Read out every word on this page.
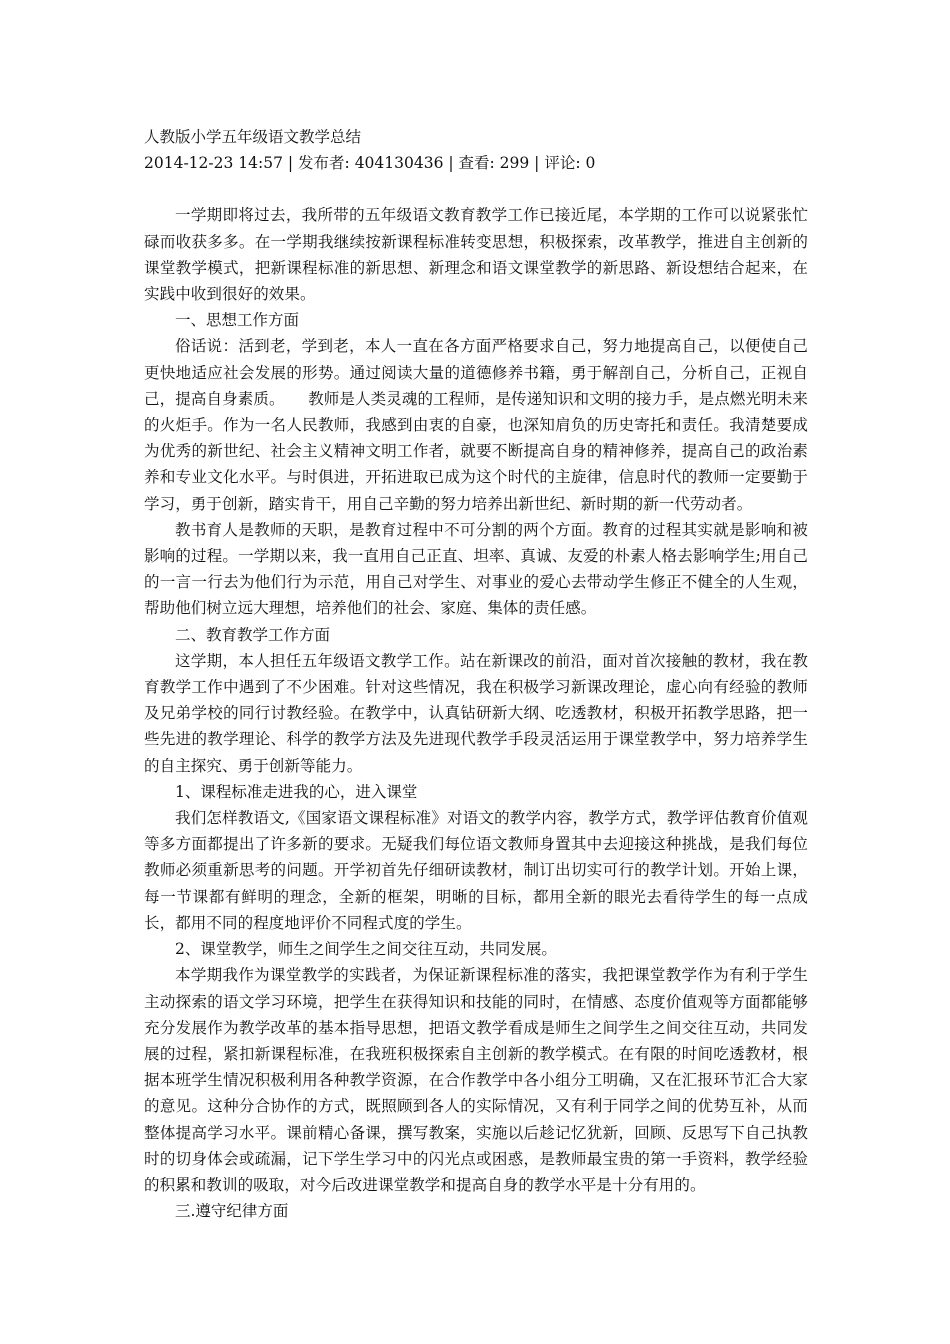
人教版小学五年级语文教学总结

2014-12-23 14:57 | 发布者: 404130436 | 查看: 299 | 评论: 0

一学期即将过去，我所带的五年级语文教育教学工作已接近尾，本学期的工作可以说紧张忙碌而收获多多。在一学期我继续按新课程标准转变思想，积极探索，改革教学，推进自主创新的课堂教学模式，把新课程标准的新思想、新理念和语文课堂教学的新思路、新设想结合起来，在实践中收到很好的效果。

一、思想工作方面

俗话说：活到老，学到老，本人一直在各方面严格要求自己，努力地提高自己，以便使自己更快地适应社会发展的形势。通过阅读大量的道德修养书籍，勇于解剖自己，分析自己，正视自己，提高自身素质。　　教师是人类灵魂的工程师，是传递知识和文明的接力手，是点燃光明未来的火炬手。作为一名人民教师，我感到由衷的自豪，也深知肩负的历史寄托和责任。我清楚要成为优秀的新世纪、社会主义精神文明工作者，就要不断提高自身的精神修养，提高自己的政治素养和专业文化水平。与时俱进，开拓进取已成为这个时代的主旋律，信息时代的教师一定要勤于学习，勇于创新，踏实肯干，用自己辛勤的努力培养出新世纪、新时期的新一代劳动者。

教书育人是教师的天职，是教育过程中不可分割的两个方面。教育的过程其实就是影响和被影响的过程。一学期以来，我一直用自己正直、坦率、真诚、友爱的朴素人格去影响学生;用自己的一言一行去为他们行为示范，用自己对学生、对事业的爱心去带动学生修正不健全的人生观，帮助他们树立远大理想，培养他们的社会、家庭、集体的责任感。

二、教育教学工作方面

这学期，本人担任五年级语文教学工作。站在新课改的前沿，面对首次接触的教材，我在教育教学工作中遇到了不少困难。针对这些情况，我在积极学习新课改理论，虚心向有经验的教师及兄弟学校的同行讨教经验。在教学中，认真钻研新大纲、吃透教材，积极开拓教学思路，把一些先进的教学理论、科学的教学方法及先进现代教学手段灵活运用于课堂教学中，努力培养学生的自主探究、勇于创新等能力。

1、课程标准走进我的心，进入课堂

我们怎样教语文,《国家语文课程标准》对语文的教学内容，教学方式，教学评估教育价值观等多方面都提出了许多新的要求。无疑我们每位语文教师身置其中去迎接这种挑战，是我们每位教师必须重新思考的问题。开学初首先仔细研读教材，制订出切实可行的教学计划。开始上课，每一节课都有鲜明的理念，全新的框架，明晰的目标，都用全新的眼光去看待学生的每一点成长，都用不同的程度地评价不同程式度的学生。

2、课堂教学，师生之间学生之间交往互动，共同发展。

本学期我作为课堂教学的实践者，为保证新课程标准的落实，我把课堂教学作为有利于学生主动探索的语文学习环境，把学生在获得知识和技能的同时，在情感、态度价值观等方面都能够充分发展作为教学改革的基本指导思想，把语文教学看成是师生之间学生之间交往互动，共同发展的过程，紧扣新课程标准，在我班积极探索自主创新的教学模式。在有限的时间吃透教材，根据本班学生情况积极利用各种教学资源，在合作教学中各小组分工明确，又在汇报环节汇合大家的意见。这种分合协作的方式，既照顾到各人的实际情况，又有利于同学之间的优势互补，从而整体提高学习水平。课前精心备课，撰写教案，实施以后趁记忆犹新，回顾、反思写下自己执教时的切身体会或疏漏，记下学生学习中的闪光点或困惑，是教师最宝贵的第一手资料，教学经验的积累和教训的吸取，对今后改进课堂教学和提高自身的教学水平是十分有用的。

三.遵守纪律方面
